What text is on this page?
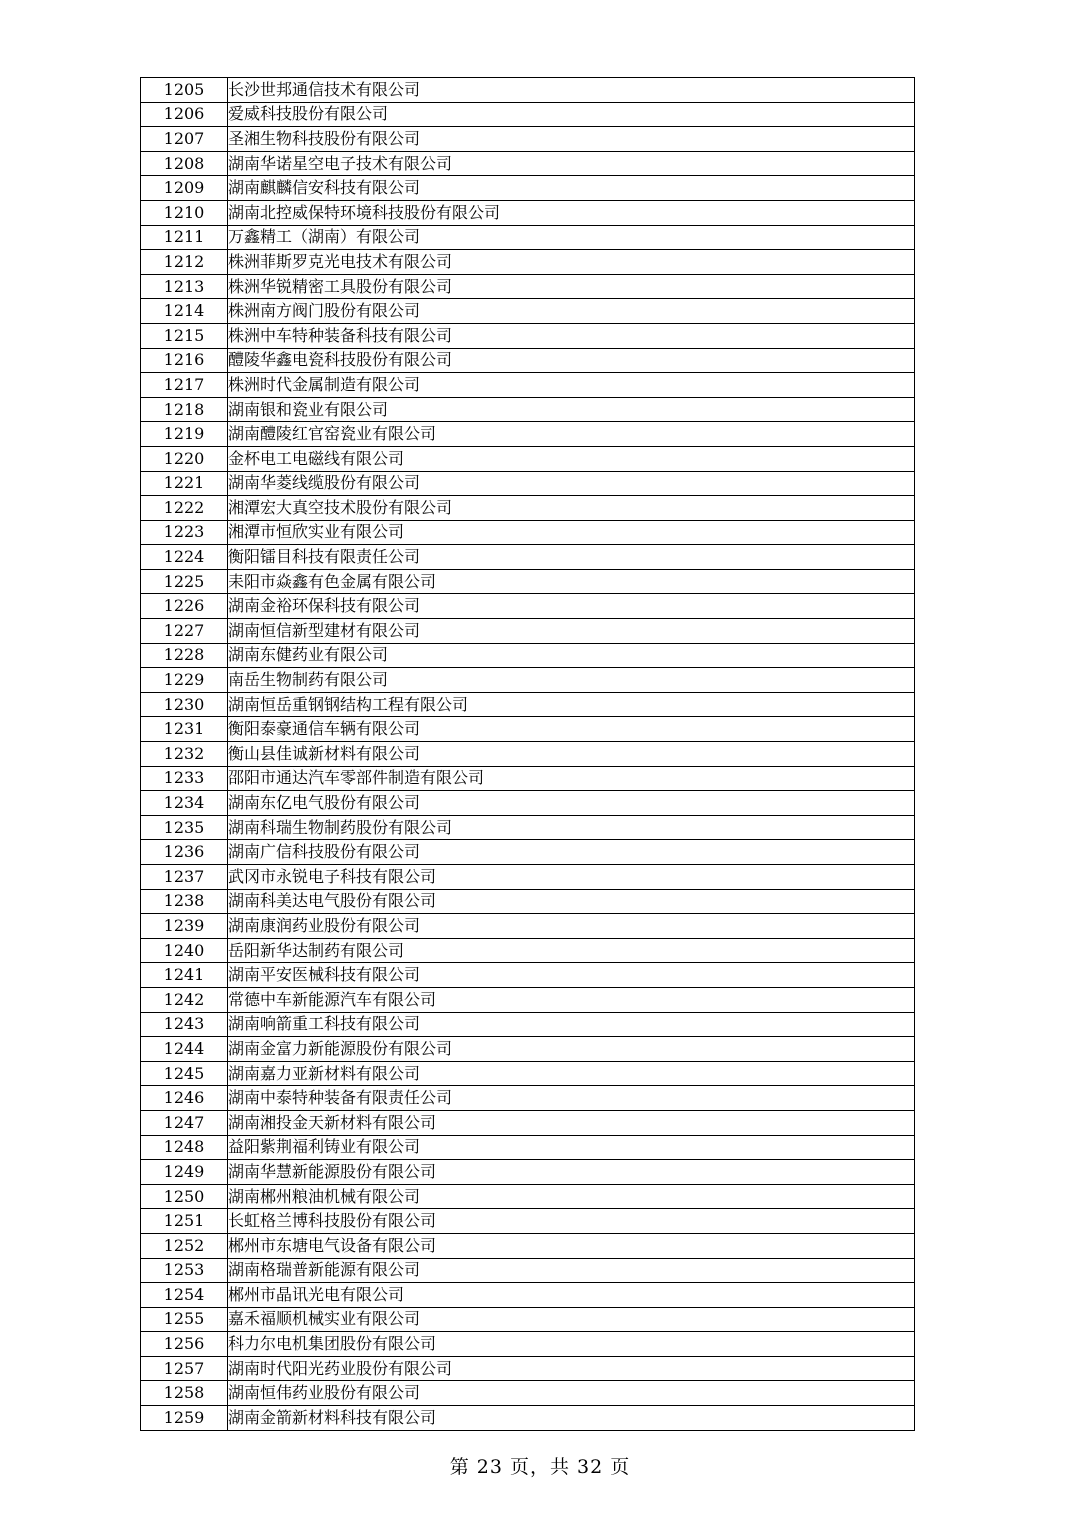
1205	长沙世邦通信技术有限公司
1206	爱威科技股份有限公司
1207	圣湘生物科技股份有限公司
1208	湖南华诺星空电子技术有限公司
1209	湖南麒麟信安科技有限公司
1210	湖南北控威保特环境科技股份有限公司
1211	万鑫精工（湖南）有限公司
1212	株洲菲斯罗克光电技术有限公司
1213	株洲华锐精密工具股份有限公司
1214	株洲南方阀门股份有限公司
1215	株洲中车特种装备科技有限公司
1216	醴陵华鑫电瓷科技股份有限公司
1217	株洲时代金属制造有限公司
1218	湖南银和瓷业有限公司
1219	湖南醴陵红官窑瓷业有限公司
1220	金杯电工电磁线有限公司
1221	湖南华菱线缆股份有限公司
1222	湘潭宏大真空技术股份有限公司
1223	湘潭市恒欣实业有限公司
1224	衡阳镭目科技有限责任公司
1225	耒阳市焱鑫有色金属有限公司
1226	湖南金裕环保科技有限公司
1227	湖南恒信新型建材有限公司
1228	湖南东健药业有限公司
1229	南岳生物制药有限公司
1230	湖南恒岳重钢钢结构工程有限公司
1231	衡阳泰豪通信车辆有限公司
1232	衡山县佳诚新材料有限公司
1233	邵阳市通达汽车零部件制造有限公司
1234	湖南东亿电气股份有限公司
1235	湖南科瑞生物制药股份有限公司
1236	湖南广信科技股份有限公司
1237	武冈市永锐电子科技有限公司
1238	湖南科美达电气股份有限公司
1239	湖南康润药业股份有限公司
1240	岳阳新华达制药有限公司
1241	湖南平安医械科技有限公司
1242	常德中车新能源汽车有限公司
1243	湖南响箭重工科技有限公司
1244	湖南金富力新能源股份有限公司
1245	湖南嘉力亚新材料有限公司
1246	湖南中泰特种装备有限责任公司
1247	湖南湘投金天新材料有限公司
1248	益阳紫荆福利铸业有限公司
1249	湖南华慧新能源股份有限公司
1250	湖南郴州粮油机械有限公司
1251	长虹格兰博科技股份有限公司
1252	郴州市东塘电气设备有限公司
1253	湖南格瑞普新能源有限公司
1254	郴州市晶讯光电有限公司
1255	嘉禾福顺机械实业有限公司
1256	科力尔电机集团股份有限公司
1257	湖南时代阳光药业股份有限公司
1258	湖南恒伟药业股份有限公司
1259	湖南金箭新材料科技有限公司
第 23 页，共 32 页
